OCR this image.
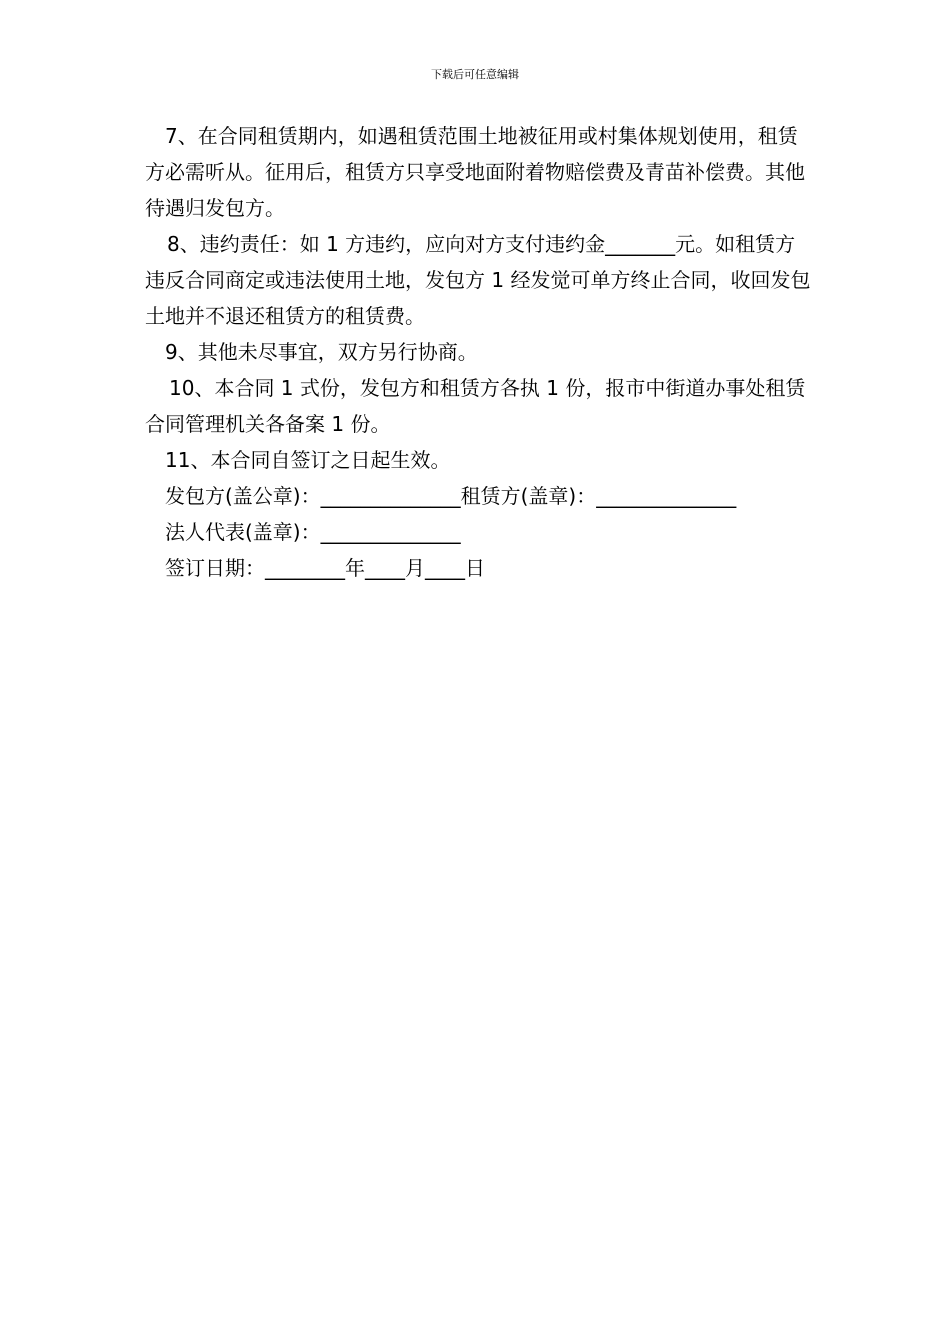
下载后可任意编辑

7、在合同租赁期内，如遇租赁范围土地被征用或村集体规划使用，租赁方必需听从。征用后，租赁方只享受地面附着物赔偿费及青苗补偿费。其他待遇归发包方。

8、违约责任：如 1 方违约，应向对方支付违约金_______元。如租赁方违反合同商定或违法使用土地，发包方 1 经发觉可单方终止合同，收回发包土地并不退还租赁方的租赁费。

9、其他未尽事宜，双方另行协商。

10、本合同 1 式份，发包方和租赁方各执 1 份，报市中街道办事处租赁合同管理机关各备案 1 份。

11、本合同自签订之日起生效。

发包方(盖公章)：______________租赁方(盖章)：______________

法人代表(盖章)：______________

签订日期：________年____月____日
